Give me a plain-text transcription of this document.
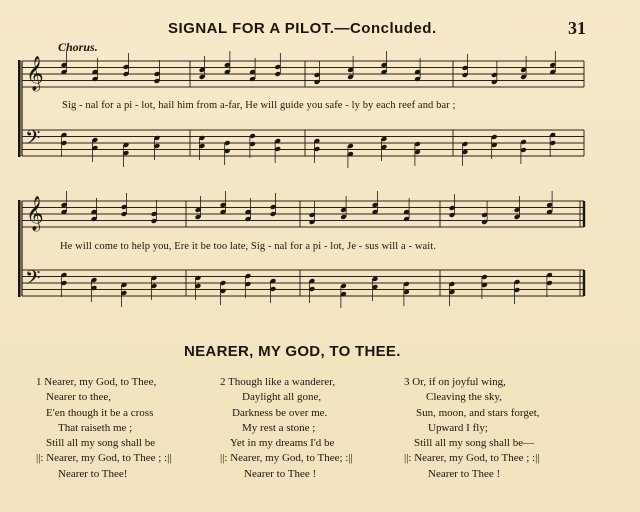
SIGNAL FOR A PILOT.—Concluded.	31
Chorus.
𝄞
𝄢
𝄞
𝄢
Sig - nal for a pi - lot, hail him from a-far, He will guide you safe - ly by each reef and bar ;
He will come to help you, Ere it be too late, Sig - nal for a pi - lot, Je - sus will a - wait.
NEARER, MY GOD, TO THEE.
1 Nearer, my God, to Thee,
Nearer to thee,
E'en though it be a cross
That raiseth me ;
Still all my song shall be
||: Nearer, my God, to Thee ; :||
Nearer to Thee!
2 Though like a wanderer,
Daylight all gone,
Darkness be over me.
My rest a stone ;
Yet in my dreams I'd be
||: Nearer, my God, to Thee; :||
Nearer to Thee !
3 Or, if on joyful wing,
Cleaving the sky,
Sun, moon, and stars forget,
Upward I fly;
Still all my song shall be—
||: Nearer, my God, to Thee ; :||
Nearer to Thee !
